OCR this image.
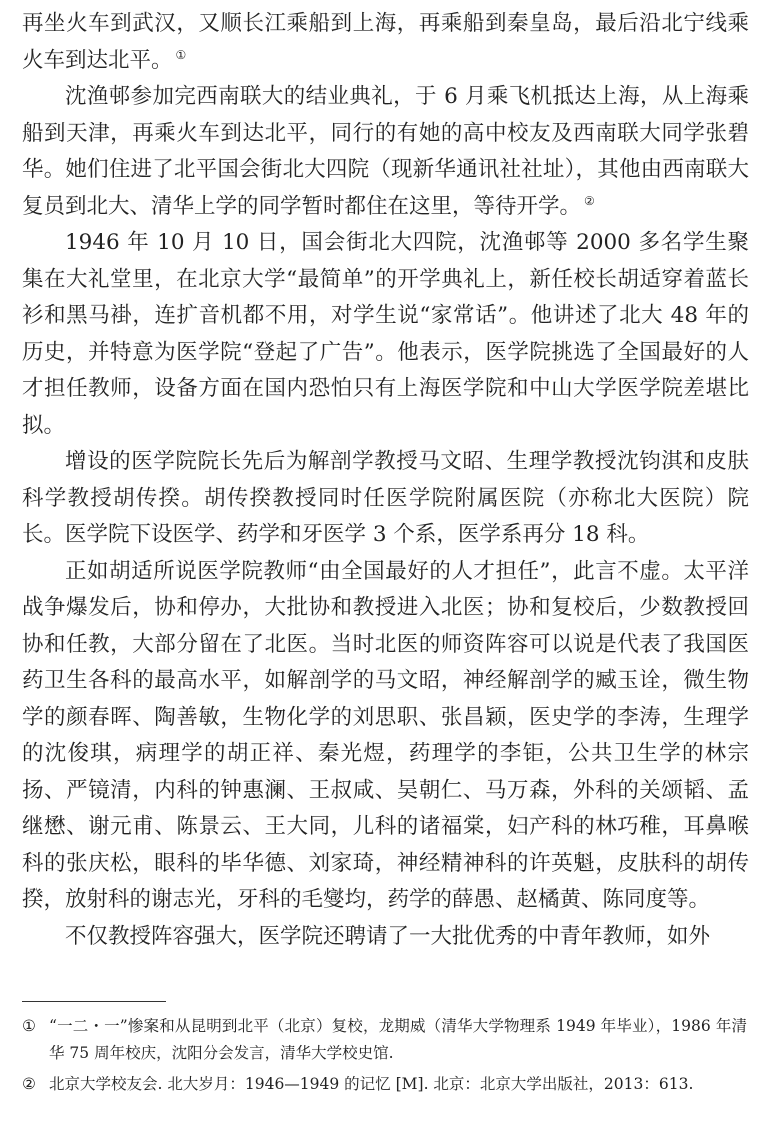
再坐火车到武汉，又顺长江乘船到上海，再乘船到秦皇岛，最后沿北宁线乘火车到达北平。 ①

沈渔邨参加完西南联大的结业典礼，于 6 月乘飞机抵达上海，从上海乘船到天津，再乘火车到达北平，同行的有她的高中校友及西南联大同学张碧华。她们住进了北平国会街北大四院（现新华通讯社社址），其他由西南联大复员到北大、清华上学的同学暂时都住在这里，等待开学。 ②

1946 年 10 月 10 日，国会街北大四院，沈渔邨等 2000 多名学生聚集在大礼堂里，在北京大学“最简单”的开学典礼上，新任校长胡适穿着蓝长衫和黑马褂，连扩音机都不用，对学生说“家常话”。他讲述了北大 48 年的历史，并特意为医学院“登起了广告”。他表示，医学院挑选了全国最好的人才担任教师，设备方面在国内恐怕只有上海医学院和中山大学医学院差堪比拟。

增设的医学院院长先后为解剖学教授马文昭、生理学教授沈钧淇和皮肤科学教授胡传揆。胡传揆教授同时任医学院附属医院（亦称北大医院）院长。医学院下设医学、药学和牙医学 3 个系，医学系再分 18 科。

正如胡适所说医学院教师“由全国最好的人才担任”，此言不虚。太平洋战争爆发后，协和停办，大批协和教授进入北医；协和复校后，少数教授回协和任教，大部分留在了北医。当时北医的师资阵容可以说是代表了我国医药卫生各科的最高水平，如解剖学的马文昭，神经解剖学的臧玉诠，微生物学的颜春晖、陶善敏，生物化学的刘思职、张昌颖，医史学的李涛，生理学的沈俊琪，病理学的胡正祥、秦光煜，药理学的李钜，公共卫生学的林宗扬、严镜清，内科的钟惠澜、王叔咸、吴朝仁、马万森，外科的关颂韬、孟继懋、谢元甫、陈景云、王大同，儿科的诸福棠，妇产科的林巧稚，耳鼻喉科的张庆松，眼科的毕华德、刘家琦，神经精神科的许英魁，皮肤科的胡传揆，放射科的谢志光，牙科的毛燮均，药学的薛愚、赵橘黄、陈同度等。

不仅教授阵容强大，医学院还聘请了一大批优秀的中青年教师，如外

① “一二・一”惨案和从昆明到北平（北京）复校，龙期威（清华大学物理系 1949 年毕业），1986 年清华 75 周年校庆，沈阳分会发言，清华大学校史馆.

② 北京大学校友会. 北大岁月：1946—1949 的记忆 [M]. 北京：北京大学出版社，2013：613.
